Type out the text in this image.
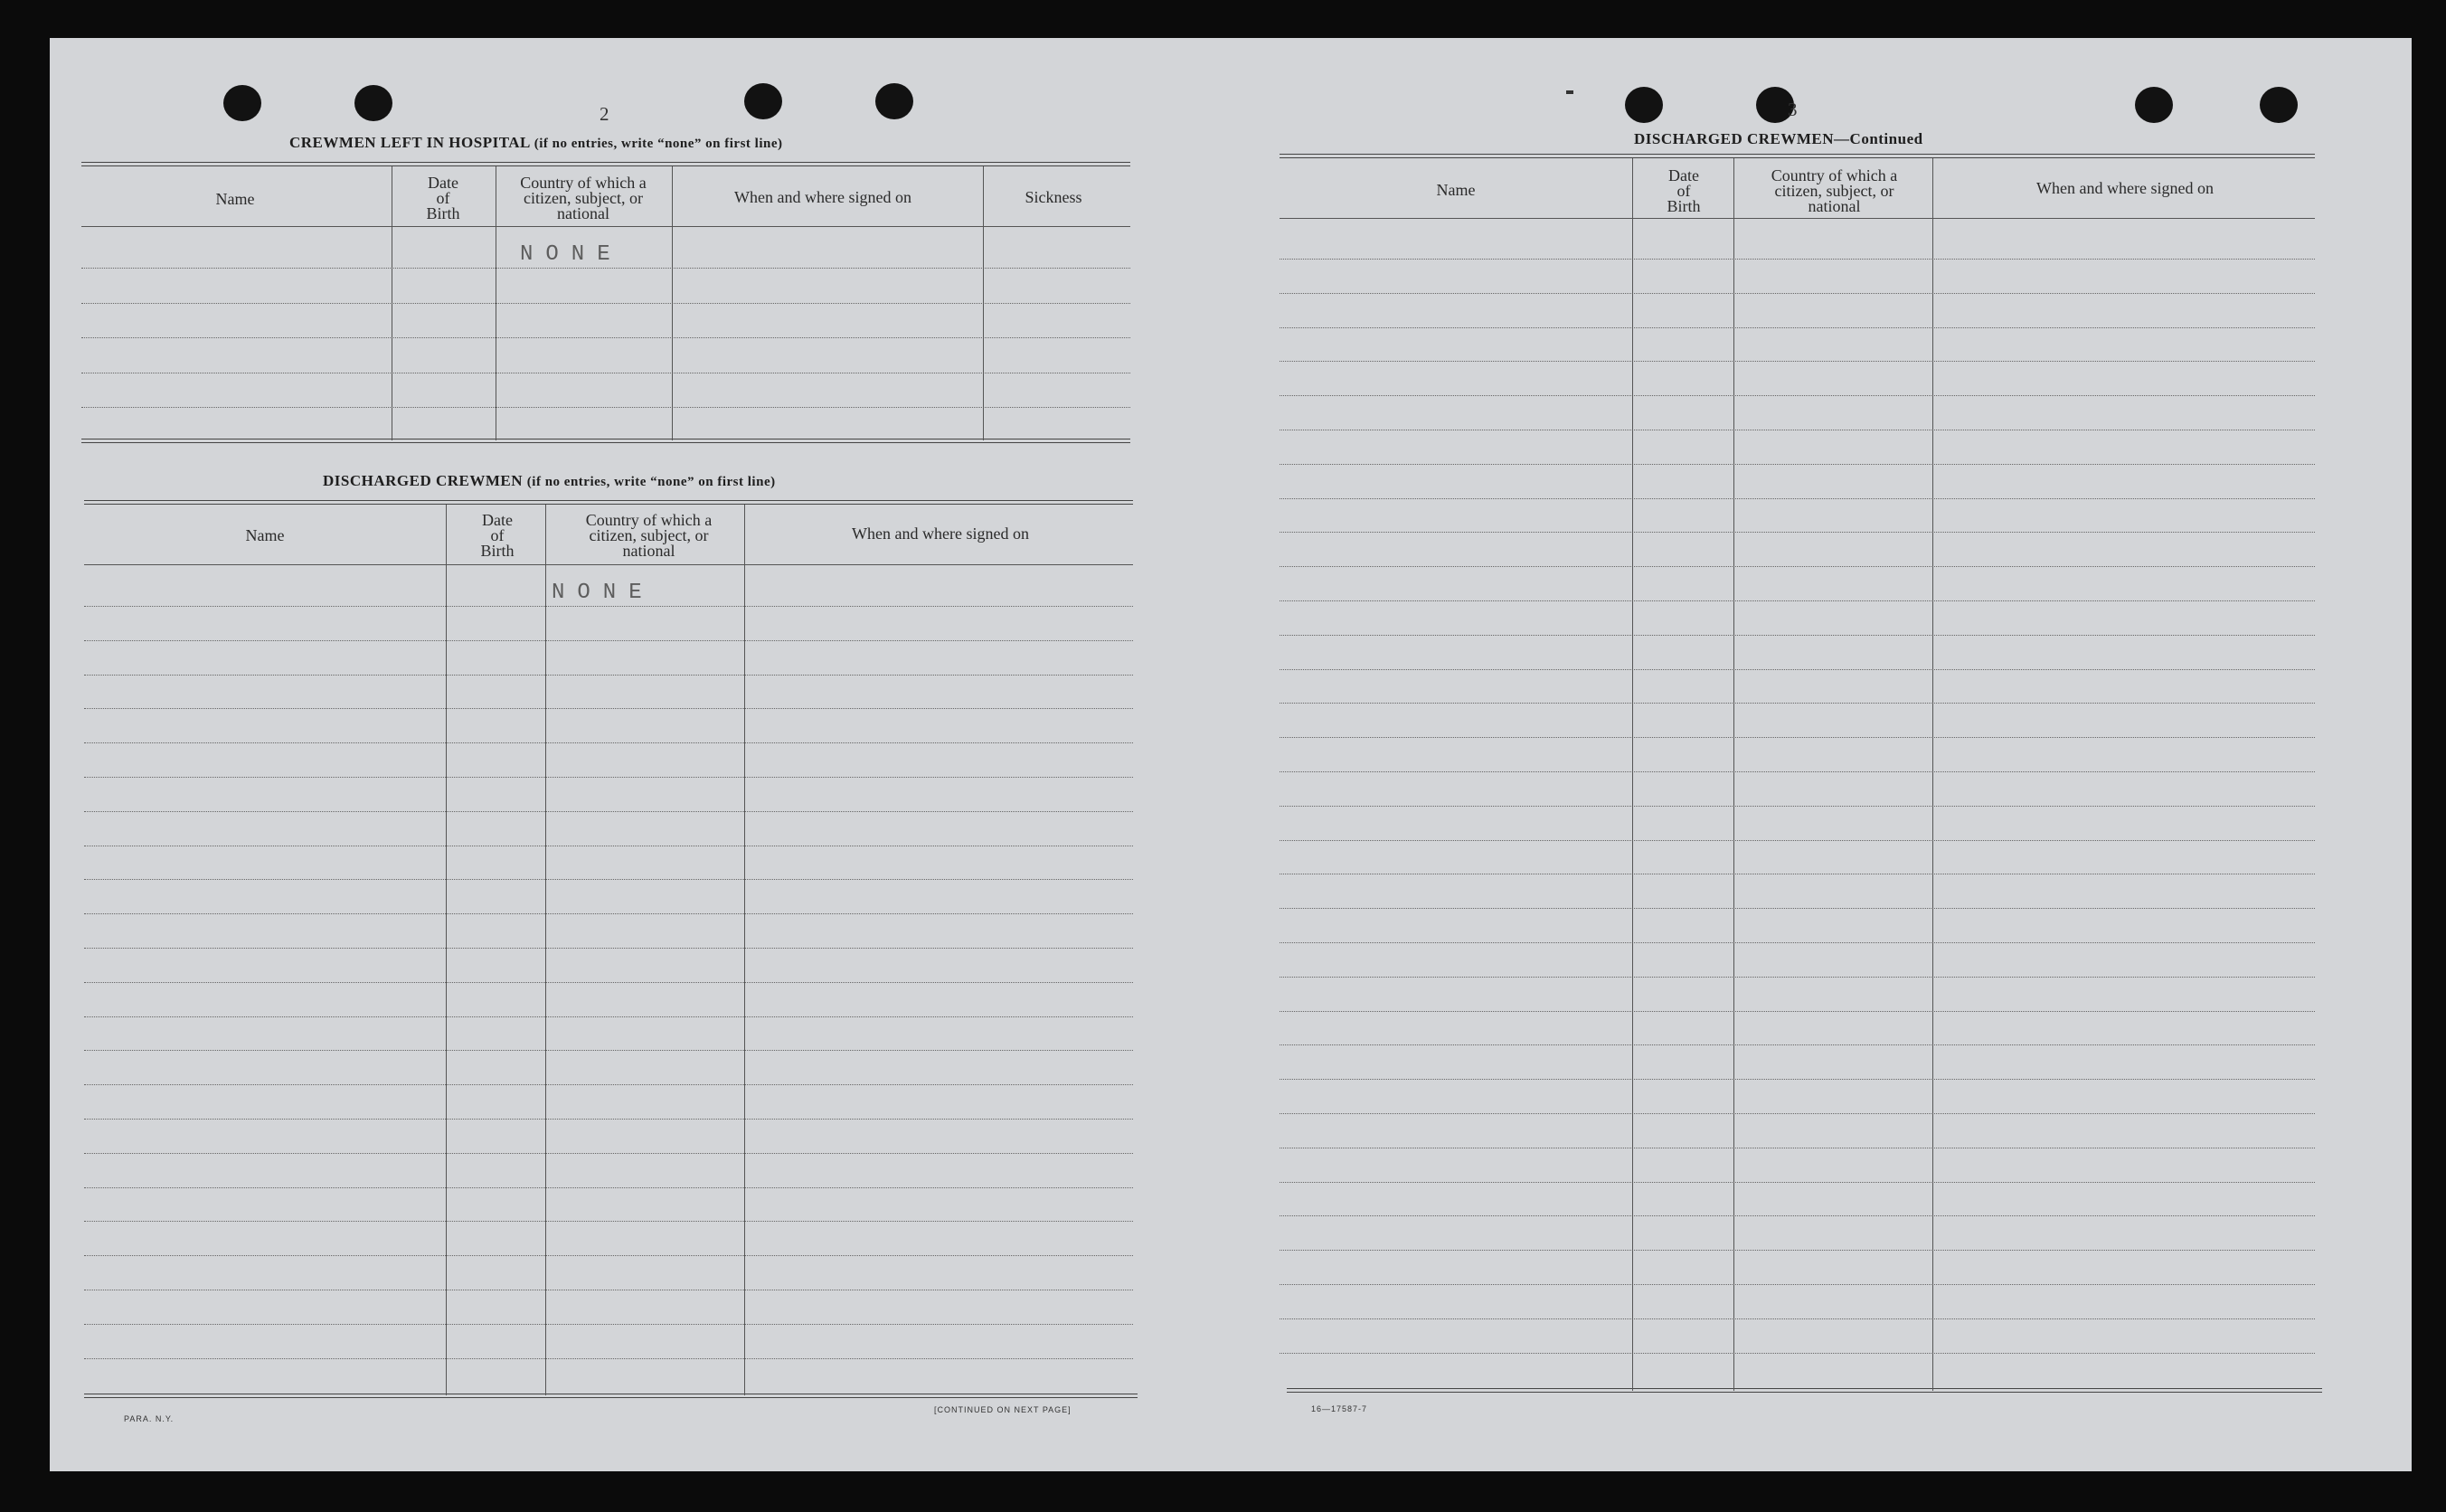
2
CREWMEN LEFT IN HOSPITAL (if no entries, write “none” on first line)
Name
Date
of
Birth
Country of which a
citizen, subject, or
national
When and where signed on	Sickness
NONE
DISCHARGED CREWMEN (if no entries, write “none” on first line)
Name
Date
of
Birth
Country of which a
citizen, subject, or
national
When and where signed on
NONE
PARA. N.Y.
[CONTINUED ON NEXT PAGE]
3
DISCHARGED CREWMEN—Continued
Name
Date
of
Birth
Country of which a
citizen, subject, or
national
When and where signed on
16—17587-7
